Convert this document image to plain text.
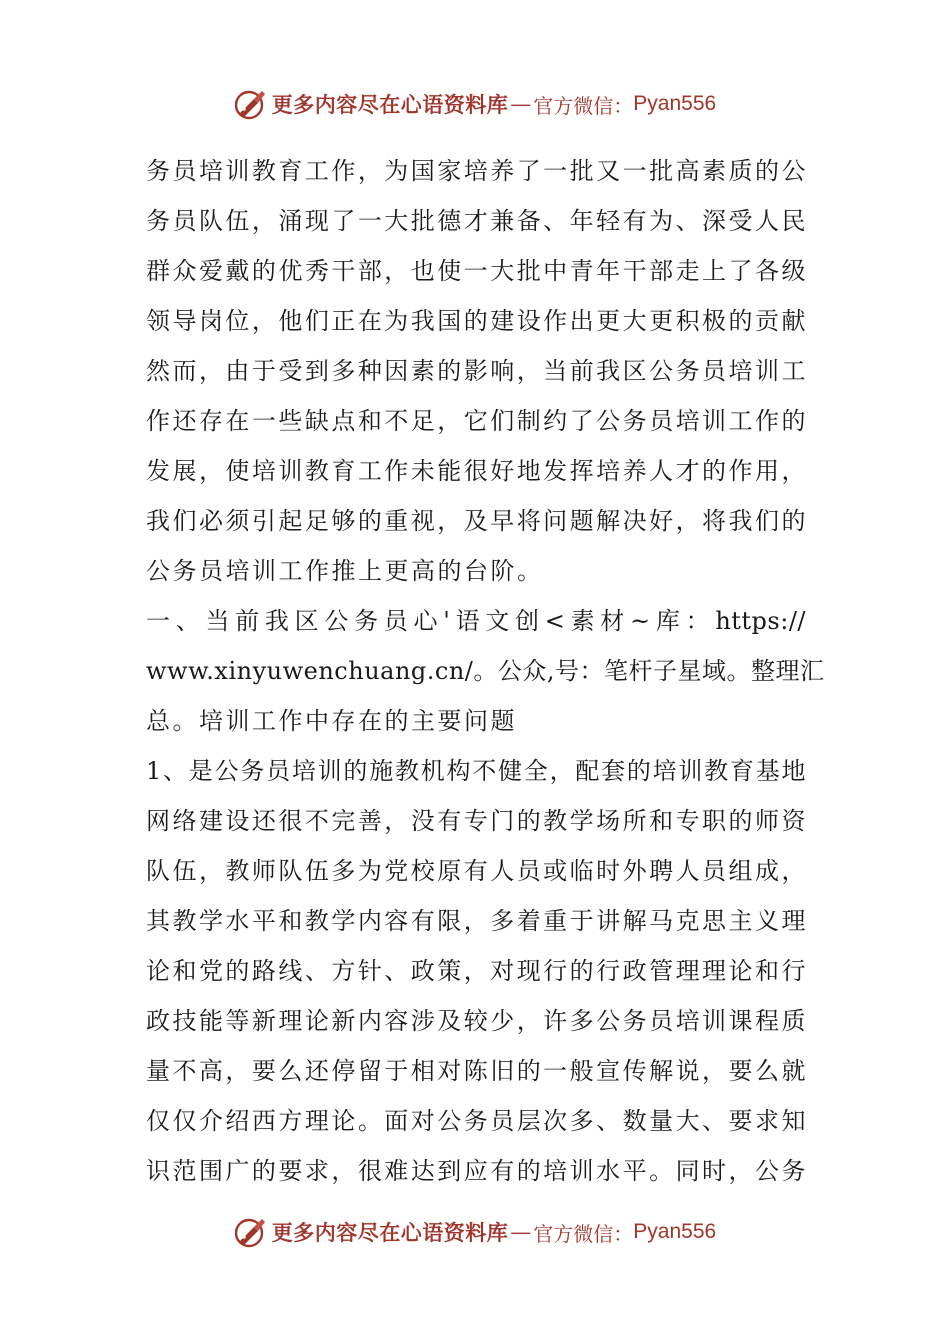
更多内容尽在心语资料库 — 官方微信： Pyan556
务员培训教育工作，为国家培养了一批又一批高素质的公
务员队伍，涌现了一大批德才兼备、年轻有为、深受人民
群众爱戴的优秀干部，也使一大批中青年干部走上了各级
领导岗位，他们正在为我国的建设作出更大更积极的贡献
然而，由于受到多种因素的影响，当前我区公务员培训工
作还存在一些缺点和不足，它们制约了公务员培训工作的
发展，使培训教育工作未能很好地发挥培养人才的作用，
我们必须引起足够的重视，及早将问题解决好，将我们的
公务员培训工作推上更高的台阶。
一、当前我区公务员心'语文创<素材~库：https://
www.xinyuwenchuang.cn/。公众,号：笔杆子星域。整理汇
总。培训工作中存在的主要问题
1、是公务员培训的施教机构不健全，配套的培训教育基地
网络建设还很不完善，没有专门的教学场所和专职的师资
队伍，教师队伍多为党校原有人员或临时外聘人员组成，
其教学水平和教学内容有限，多着重于讲解马克思主义理
论和党的路线、方针、政策，对现行的行政管理理论和行
政技能等新理论新内容涉及较少，许多公务员培训课程质
量不高，要么还停留于相对陈旧的一般宣传解说，要么就
仅仅介绍西方理论。面对公务员层次多、数量大、要求知
识范围广的要求，很难达到应有的培训水平。同时，公务
更多内容尽在心语资料库 — 官方微信： Pyan556
